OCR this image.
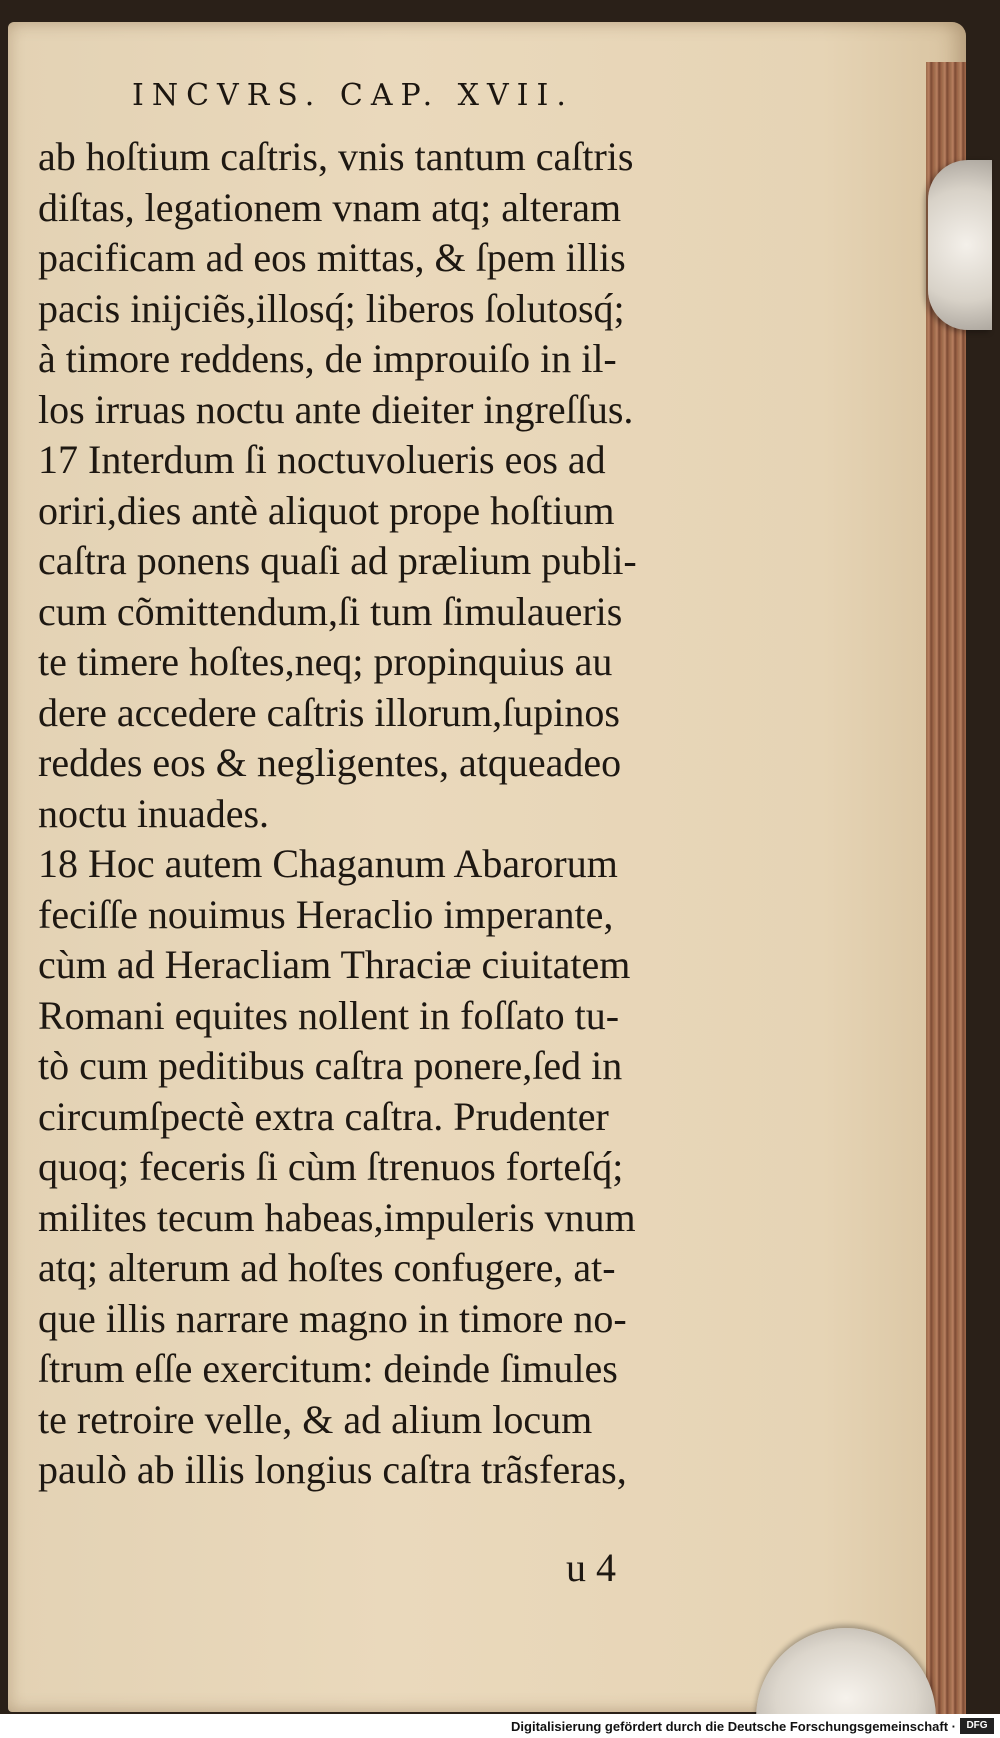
INCVRS. CAP. XVII.
ab hoſtium caſtris, vnis tantum caſtris
diſtas, legationem vnam atq; alteram
pacificam ad eos mittas, & ſpem illis
pacis inijciẽs,illosq́; liberos ſolutosq́;
à timore reddens, de improuiſo in il-
los irruas noctu ante dieiter ingreſſus.
17 Interdum ſi noctuvolueris eos ad
oriri,dies antè aliquot prope hoſtium
caſtra ponens quaſi ad prælium publi-
cum cõmittendum,ſi tum ſimulaueris
te timere hoſtes,neq; propinquius au
dere accedere caſtris illorum,ſupinos
reddes eos & negligentes, atqueadeo
noctu inuades.
18 Hoc autem Chaganum Abarorum
feciſſe nouimus Heraclio imperante,
cùm ad Heracliam Thraciæ ciuitatem
Romani equites nollent in foſſato tu-
tò cum peditibus caſtra ponere,ſed in
circumſpectè extra caſtra. Prudenter
quoq; feceris ſi cùm ſtrenuos forteſq́;
milites tecum habeas,impuleris vnum
atq; alterum ad hoſtes confugere, at-
que illis narrare magno in timore no-
ſtrum eſſe exercitum: deinde ſimules
te retroire velle, & ad alium locum
paulò ab illis longius caſtra trãsferas,
u 4
Digitalisierung gefördert durch die Deutsche Forschungsgemeinschaft ·	DFG
